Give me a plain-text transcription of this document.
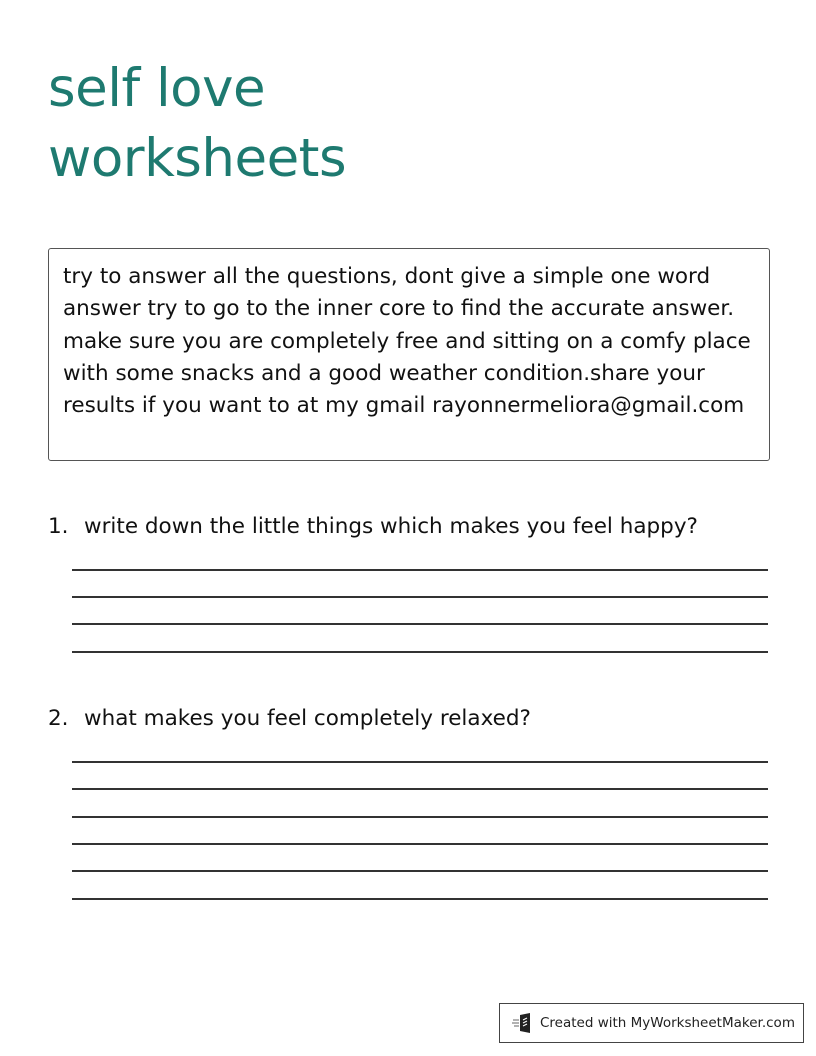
self love
worksheets
try to answer all the questions, dont give a simple one word answer try to go to the inner core to find the accurate answer. make sure you are completely free and sitting on a comfy place with some snacks and a good weather condition.share your results if you want to at my gmail rayonnermeliora@gmail.com
1. write down the little things which makes you feel happy?
2. what makes you feel completely relaxed?
Created with MyWorksheetMaker.com
